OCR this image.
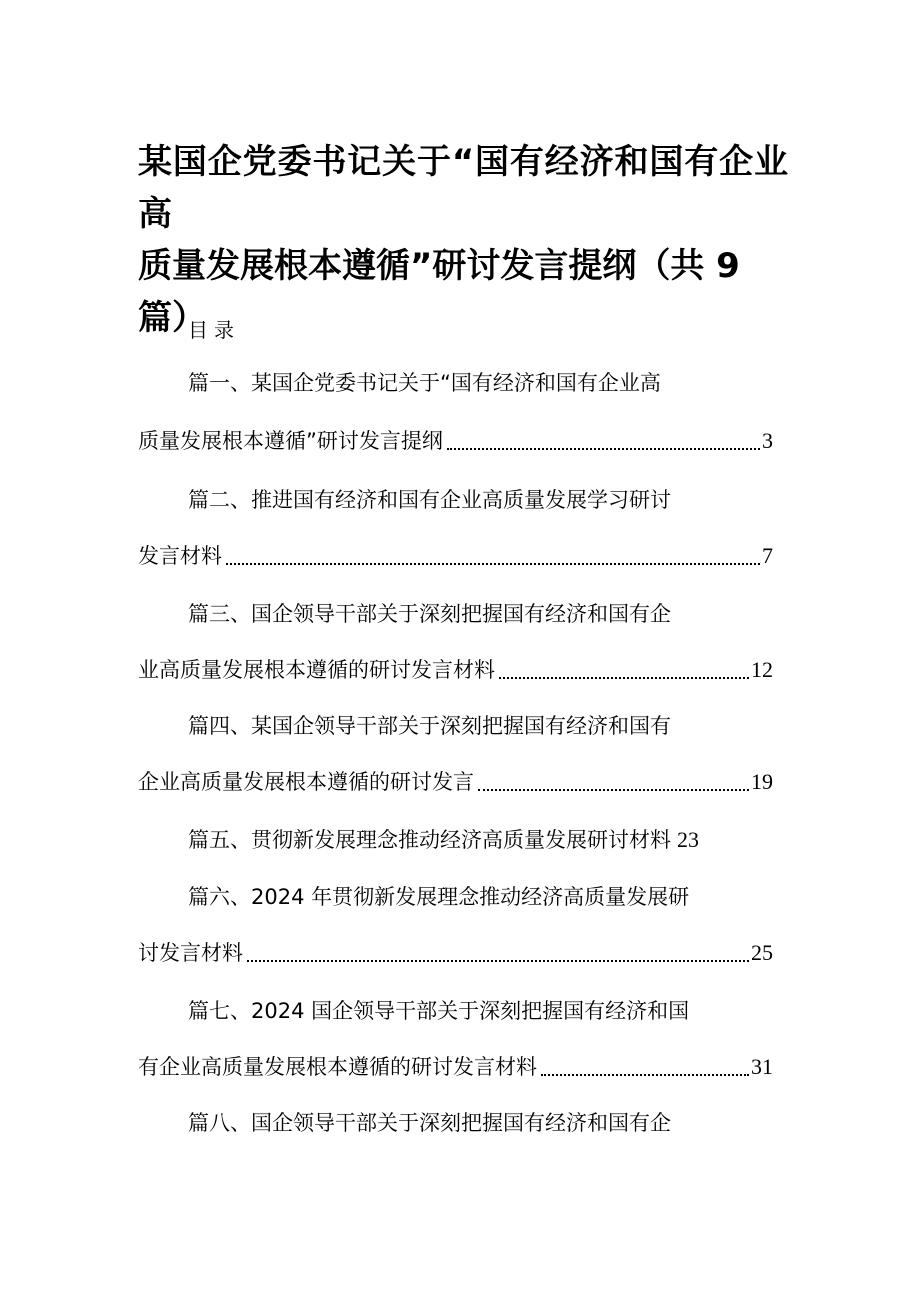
某国企党委书记关于“国有经济和国有企业高
质量发展根本遵循”研讨发言提纲（共 9
篇）
目录
篇一、某国企党委书记关于“国有经济和国有企业高
质量发展根本遵循”研讨发言提纲	3
篇二、推进国有经济和国有企业高质量发展学习研讨
发言材料	7
篇三、国企领导干部关于深刻把握国有经济和国有企
业高质量发展根本遵循的研讨发言材料	12
篇四、某国企领导干部关于深刻把握国有经济和国有
企业高质量发展根本遵循的研讨发言	19
篇五、贯彻新发展理念推动经济高质量发展研讨材料 23
篇六、2024 年贯彻新发展理念推动经济高质量发展研
讨发言材料	25
篇七、2024 国企领导干部关于深刻把握国有经济和国
有企业高质量发展根本遵循的研讨发言材料	31
篇八、国企领导干部关于深刻把握国有经济和国有企
